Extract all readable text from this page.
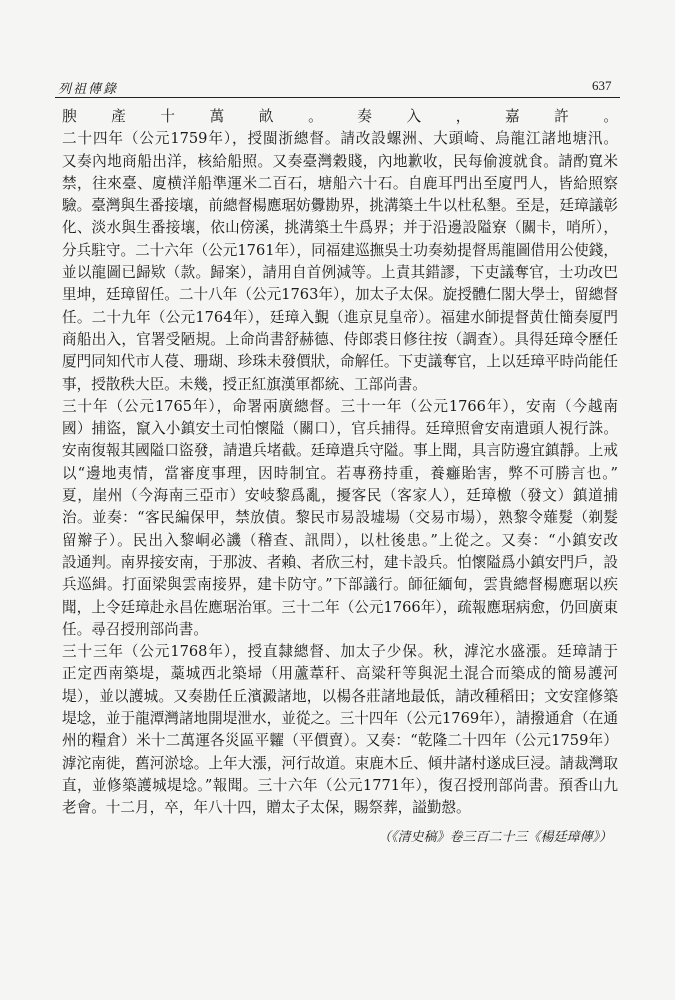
列祖傳錄	637
腴產十萬畝。奏入，嘉許。
二十四年（公元1759年），授閩浙總督。請改設螺洲、大頭崎、烏龍江諸地塘汛。
又奏內地商船出洋，核給船照。又奏臺灣穀賤，內地歉收，民每偷渡就食。請酌寬米
禁，往來臺、廈横洋船準運米二百石，塘船六十石。自鹿耳門出至廈門人，皆給照察
驗。臺灣與生番接壤，前總督楊應琚妨釁勘界，挑溝築土牛以杜私墾。至是，廷璋議彰
化、淡水與生番接壤，依山傍溪，挑溝築土牛爲界；并于沿邊設隘寮（關卡，哨所），
分兵駐守。二十六年（公元1761年），同福建巡撫吳士功奏劾提督馬龍圖借用公使錢，
並以龍圖已歸欵（款。歸案），請用自首例減等。上責其錯謬，下吏議奪官，士功改巴
里坤，廷璋留任。二十八年（公元1763年），加太子太保。旋授體仁閣大學士，留總督
任。二十九年（公元1764年），廷璋入覲（進京見皇帝）。福建水師提督黄仕簡奏厦門
商船出入，官署受陋規。上命尚書舒赫德、侍郎裘日修往按（調查）。具得廷璋令歷任
厦門同知代市人葠、珊瑚、珍珠未發價狀，命解任。下吏議奪官，上以廷璋平時尚能任
事，授散秩大臣。未幾，授正紅旗漢軍都統、工部尚書。
三十年（公元1765年），命署兩廣總督。三十一年（公元1766年），安南（今越南
國）捕盜，竄入小鎮安土司怕懷隘（關口），官兵捕得。廷璋照會安南遣頭人視行誅。
安南復報其國隘口盜發，請遣兵堵截。廷璋遣兵守隘。事上聞，具言防邊宜鎮靜。上戒
以“邊地夷情，當審度事理，因時制宜。若專務持重，養癰貽害，弊不可勝言也。”
夏，崖州（今海南三亞市）安岐黎爲亂，擾客民（客家人），廷璋檄（發文）鎮道捕
治。並奏：“客民編保甲，禁放債。黎民市易設墟場（交易市場），熟黎令薙髮（剃髮
留辮子）。民出入黎峒必譏（稽查、訊問），以杜後患。”上從之。又奏：“小鎮安改
設通判。南界接安南，于那波、者賴、者欣三村，建卡設兵。怕懷隘爲小鎮安門戶，設
兵巡緝。打面梁與雲南接界，建卡防守。”下部議行。師征緬甸，雲貴總督楊應琚以疾
聞，上令廷璋赴永昌佐應琚治軍。三十二年（公元1766年），疏報應琚病愈，仍回廣東
任。尋召授刑部尚書。
三十三年（公元1768年），授直隸總督、加太子少保。秋，滹沱水盛漲。廷璋請于
正定西南築堤，藁城西北築埽（用蘆葦秆、高粱秆等與泥土混合而築成的簡易護河
堤），並以護城。又奏勘任丘濱澱諸地，以楊各莊諸地最低，請改種稻田；文安窪修築
堤埝，並于龍潭灣諸地開堤泄水，並從之。三十四年（公元1769年），請撥通倉（在通
州的糧倉）米十二萬運各災區平糶（平價賣）。又奏：“乾隆二十四年（公元1759年）
滹沱南徙，舊河淤埝。上年大漲，河行故道。束鹿木丘、傾井諸村遂成巨浸。請裁灣取
直，並修築護城堤埝。”報聞。三十六年（公元1771年），復召授刑部尚書。預香山九
老會。十二月，卒，年八十四，贈太子太保，賜祭葬，謚勤慤。
（《清史稿》卷三百二十三《楊廷璋傳》）
